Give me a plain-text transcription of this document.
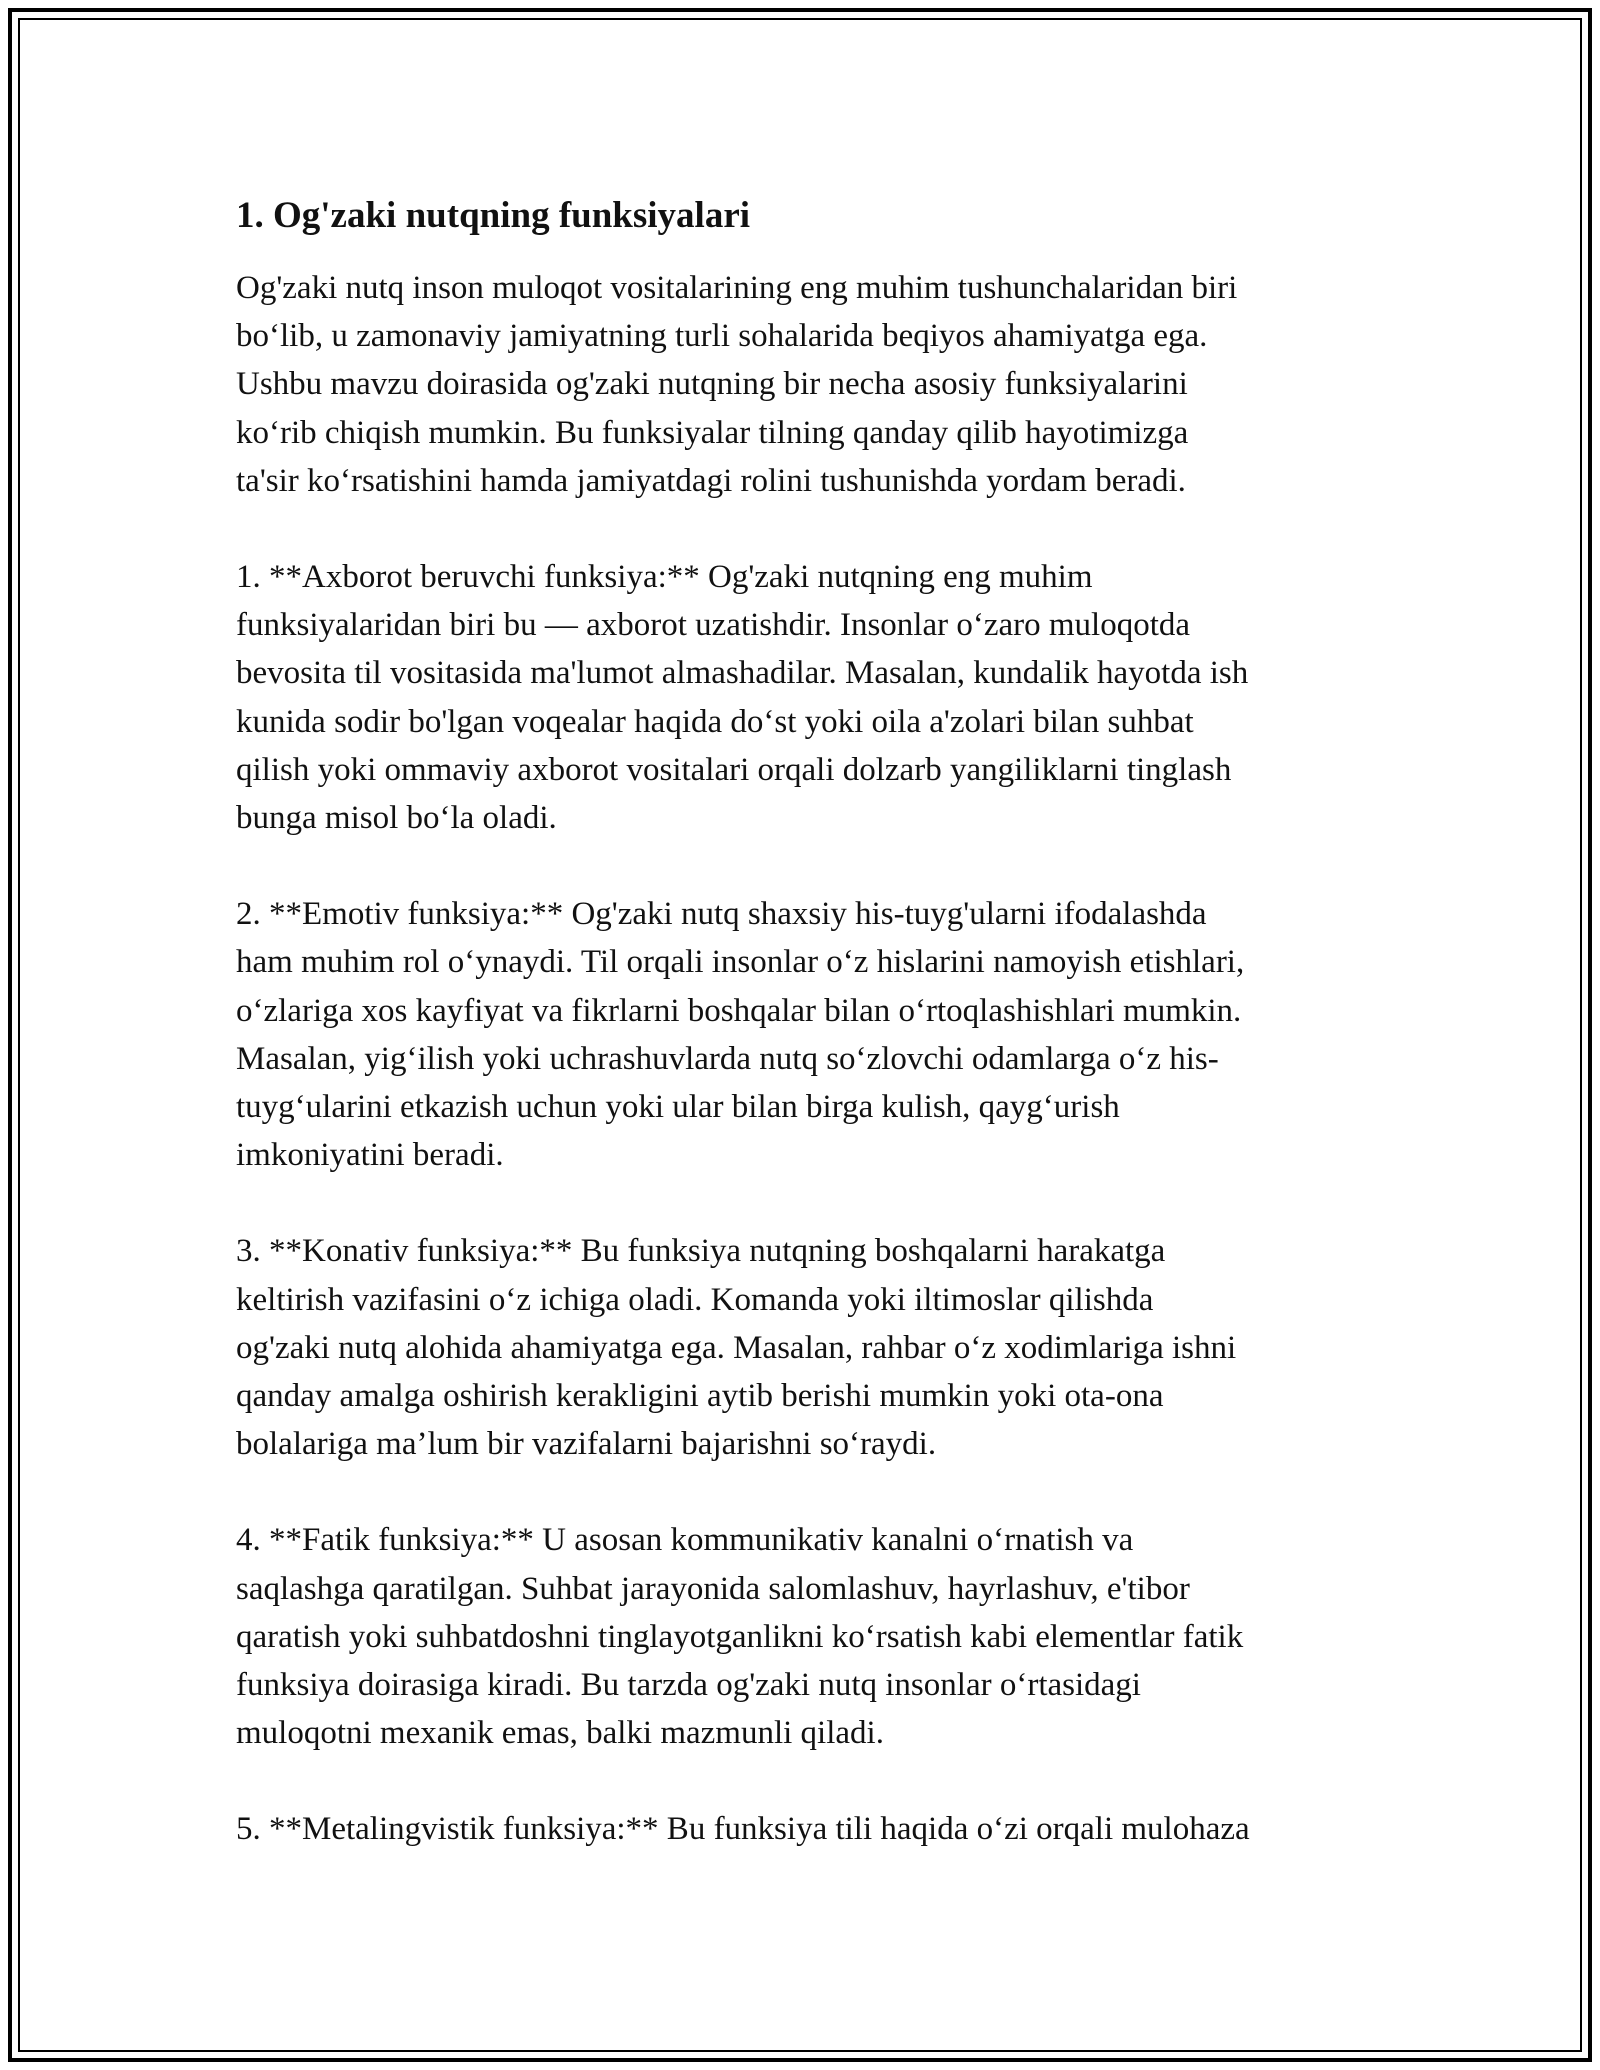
1. Og'zaki nutqning funksiyalari

Og'zaki nutq inson muloqot vositalarining eng muhim tushunchalaridan biri
boʻlib, u zamonaviy jamiyatning turli sohalarida beqiyos ahamiyatga ega.
Ushbu mavzu doirasida og'zaki nutqning bir necha asosiy funksiyalarini
koʻrib chiqish mumkin. Bu funksiyalar tilning qanday qilib hayotimizga
ta'sir koʻrsatishini hamda jamiyatdagi rolini tushunishda yordam beradi.

1. **Axborot beruvchi funksiya:** Og'zaki nutqning eng muhim
funksiyalaridan biri bu — axborot uzatishdir. Insonlar oʻzaro muloqotda
bevosita til vositasida ma'lumot almashadilar. Masalan, kundalik hayotda ish
kunida sodir bo'lgan voqealar haqida doʻst yoki oila a'zolari bilan suhbat
qilish yoki ommaviy axborot vositalari orqali dolzarb yangiliklarni tinglash
bunga misol boʻla oladi.

2. **Emotiv funksiya:** Og'zaki nutq shaxsiy his-tuyg'ularni ifodalashda
ham muhim rol oʻynaydi. Til orqali insonlar oʻz hislarini namoyish etishlari,
oʻzlariga xos kayfiyat va fikrlarni boshqalar bilan oʻrtoqlashishlari mumkin.
Masalan, yigʻilish yoki uchrashuvlarda nutq soʻzlovchi odamlarga oʻz his-
tuygʻularini etkazish uchun yoki ular bilan birga kulish, qaygʻurish
imkoniyatini beradi.

3. **Konativ funksiya:** Bu funksiya nutqning boshqalarni harakatga
keltirish vazifasini oʻz ichiga oladi. Komanda yoki iltimoslar qilishda
og'zaki nutq alohida ahamiyatga ega. Masalan, rahbar oʻz xodimlariga ishni
qanday amalga oshirish kerakligini aytib berishi mumkin yoki ota-ona
bolalariga ma’lum bir vazifalarni bajarishni soʻraydi.

4. **Fatik funksiya:** U asosan kommunikativ kanalni oʻrnatish va
saqlashga qaratilgan. Suhbat jarayonida salomlashuv, hayrlashuv, e'tibor
qaratish yoki suhbatdoshni tinglayotganlikni koʻrsatish kabi elementlar fatik
funksiya doirasiga kiradi. Bu tarzda og'zaki nutq insonlar oʻrtasidagi
muloqotni mexanik emas, balki mazmunli qiladi.

5. **Metalingvistik funksiya:** Bu funksiya tili haqida oʻzi orqali mulohaza
